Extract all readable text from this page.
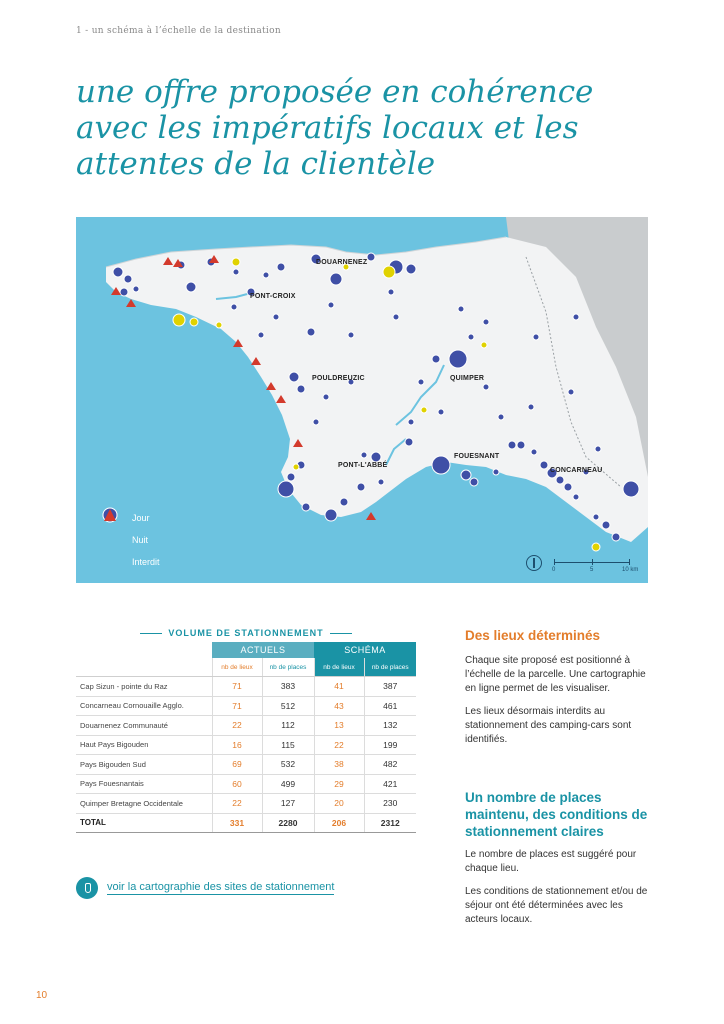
1 - un schéma à l’échelle de la destination
une offre proposée en cohérence
avec les impératifs locaux et les
attentes de la clientèle
DOUARNENEZ
PONT-CROIX
POULDREUZIC	QUIMPER
PONT-L'ABBÉ
FOUESNANT
CONCARNEAU
Jour
Nuit
Interdit
0	5	10 km
VOLUME DE STATIONNEMENT
	ACTUELS		SCHÉMA	
	nb de lieux	nb de places	nb de lieux	nb de places
Cap Sizun - pointe du Raz	71	383	41	387
Concarneau Cornouaille Agglo.	71	512	43	461
Douarnenez Communauté	22	112	13	132
Haut Pays Bigouden	16	115	22	199
Pays Bigouden Sud	69	532	38	482
Pays Fouesnantais	60	499	29	421
Quimper Bretagne Occidentale	22	127	20	230
TOTAL	331	2280	206	2312
voir la cartographie des sites de stationnement
Des lieux déterminés

Chaque site proposé est positionné à l’échelle de la parcelle. Une cartographie en ligne permet de les visualiser.

Les lieux désormais interdits au stationnement des camping-cars sont identifiés.

Un nombre de places maintenu, des conditions de stationnement claires

Le nombre de places est suggéré pour chaque lieu.

Les conditions de stationnement et/ou de séjour ont été déterminées avec les acteurs locaux.

10
